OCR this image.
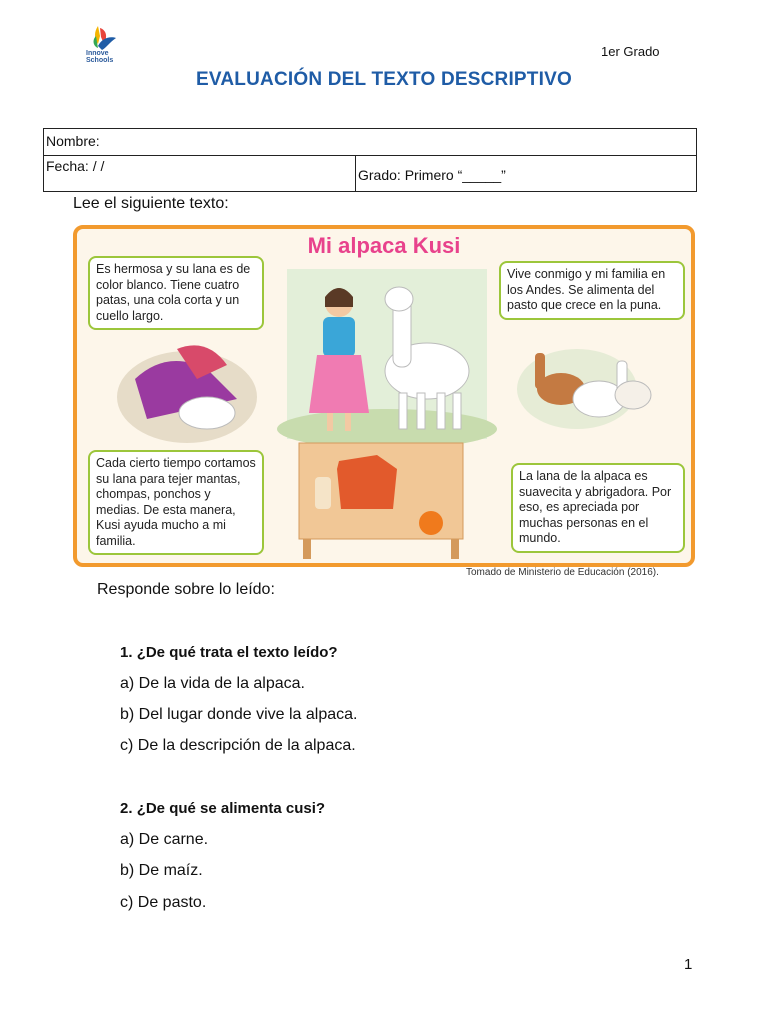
Innove
Schools
1er Grado
EVALUACIÓN DEL TEXTO DESCRIPTIVO
Nombre:
Fecha: / /
Grado: Primero “_____”
Lee el siguiente texto:
Mi alpaca Kusi
Es hermosa y su lana es de color blanco. Tiene cuatro patas, una cola corta y un cuello largo.
Vive conmigo y mi familia en los Andes. Se alimenta del pasto que crece en la puna.
Cada cierto tiempo cortamos su lana para tejer mantas, chompas, ponchos y medias. De esta manera, Kusi ayuda mucho a mi familia.
La lana de la alpaca es suavecita y abrigadora. Por eso, es apreciada por muchas personas en el mundo.
Tomado de Ministerio de Educación (2016).
Responde sobre lo leído:
1. ¿De qué trata el texto leído?
a) De la vida de la alpaca.
b) Del lugar donde vive la alpaca.
c) De la descripción de la alpaca.
2. ¿De qué se alimenta cusi?
a) De carne.
b) De maíz.
c) De pasto.
1
